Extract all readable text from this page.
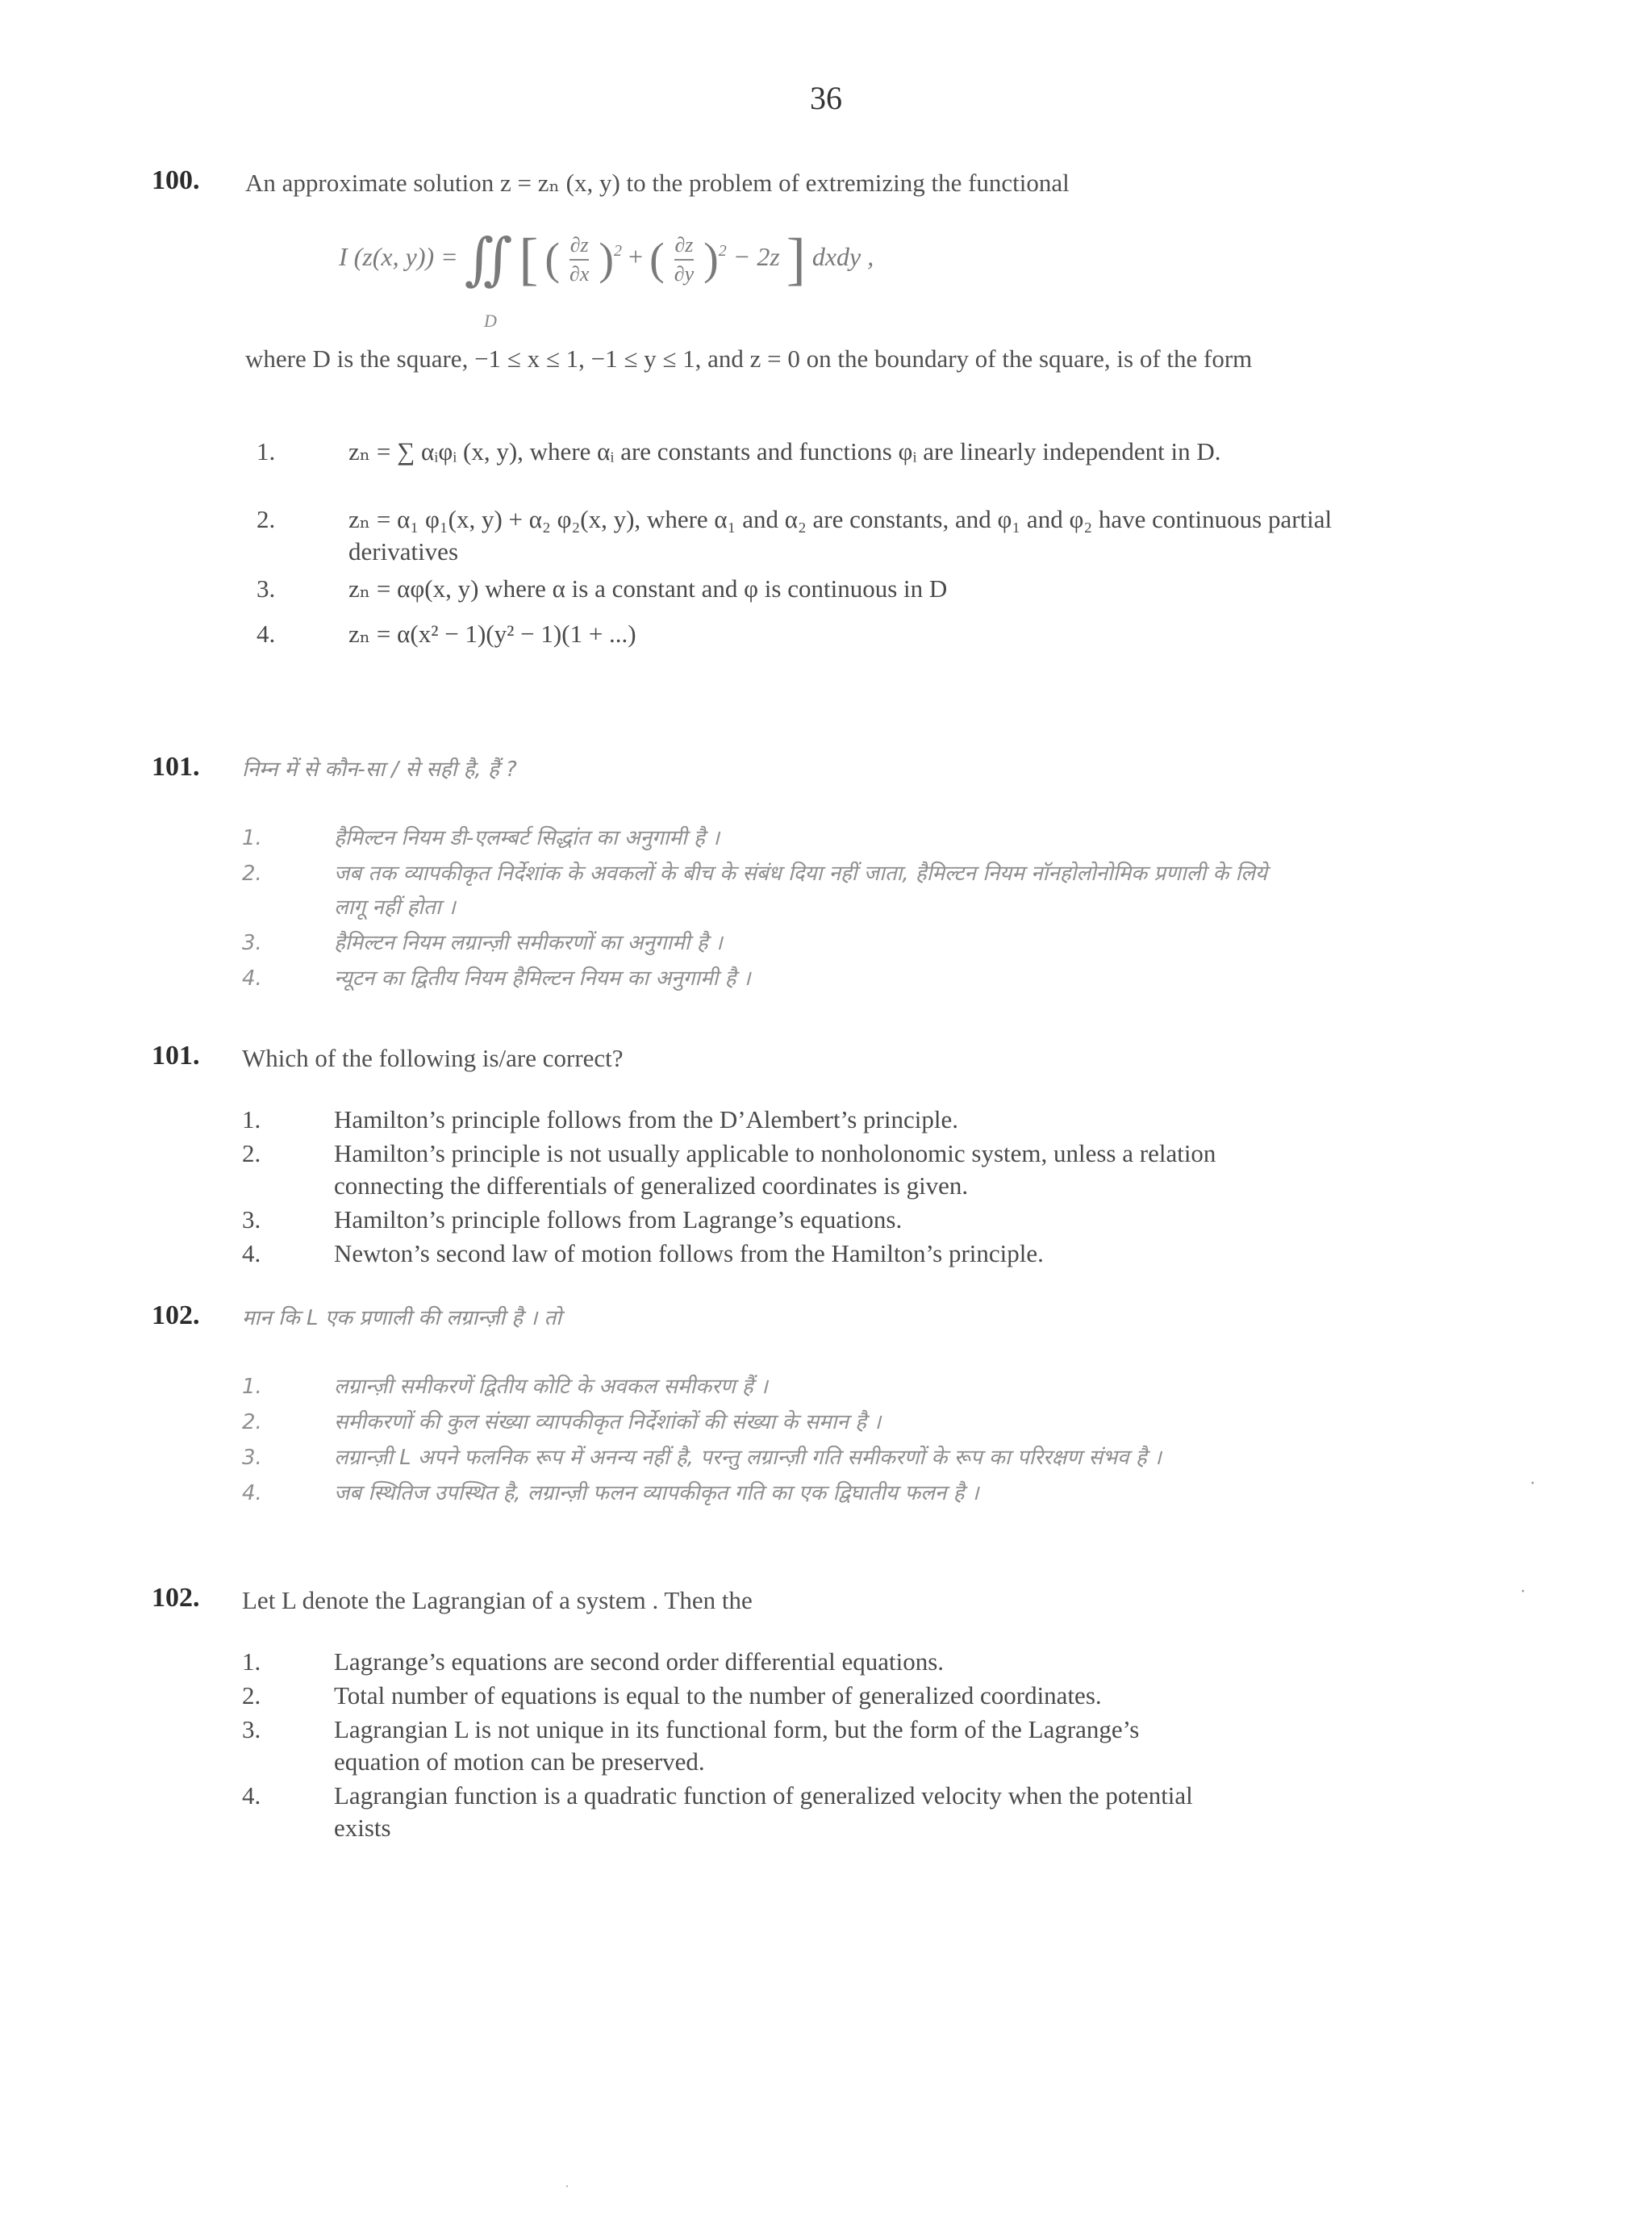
36
100. An approximate solution z = zₙ (x, y) to the problem of extremizing the functional
I (z(x, y)) = ∬ [ ( $\frac{\partial z}{\partial x} )^2$ + ( $\frac{\partial z}{\partial y} )^2 - 2z$ ] dxdy ,
D
where D is the square, −1 ≤ x ≤ 1, −1 ≤ y ≤ 1, and z = 0 on the boundary of the square, is of the form
1.	zₙ = ∑ αᵢφᵢ (x, y), where αᵢ are constants and functions φᵢ are linearly independent in D.
2.	zₙ = α₁ φ₁(x, y) + α₂ φ₂(x, y), where α₁ and α₂ are constants, and φ₁ and φ₂ have continuous partial derivatives
3.	zₙ = αφ(x, y) where α is a constant and φ is continuous in D
4.	zₙ = α(x² − 1)(y² − 1)(1 + ...)
101. निम्न में से कौन-सा / से सही है, हैं ?
1.	हैमिल्टन नियम डी-एलम्बर्ट सिद्धांत का अनुगामी है ।
2.	जब तक व्यापकीकृत निर्देशांक के अवकलों के बीच के संबंध दिया नहीं जाता, हैमिल्टन नियम नॉनहोलोनोमिक प्रणाली के लिये लागू नहीं होता ।
3.	हैमिल्टन नियम लग्रान्ज़ी समीकरणों का अनुगामी है ।
4.	न्यूटन का द्वितीय नियम हैमिल्टन नियम का अनुगामी है ।
101. Which of the following is/are correct?
1.	Hamilton’s principle follows from the D’Alembert’s principle.
2.	Hamilton’s principle is not usually applicable to nonholonomic system, unless a relation connecting the differentials of generalized coordinates is given.
3.	Hamilton’s principle follows from Lagrange’s equations.
4.	Newton’s second law of motion follows from the Hamilton’s principle.
102. मान कि L एक प्रणाली की लग्रान्ज़ी है । तो
1.	लग्रान्ज़ी समीकरणें द्वितीय कोटि के अवकल समीकरण हैं ।
2.	समीकरणों की कुल संख्या व्यापकीकृत निर्देशांकों की संख्या के समान है ।
3.	लग्रान्ज़ी L अपने फलनिक रूप में अनन्य नहीं है, परन्तु लग्रान्ज़ी गति समीकरणों के रूप का परिरक्षण संभव है ।
4.	जब स्थितिज उपस्थित है, लग्रान्ज़ी फलन व्यापकीकृत गति का एक द्विघातीय फलन है ।
102. Let L denote the Lagrangian of a system . Then the
1.	Lagrange’s equations are second order differential equations.
2.	Total number of equations is equal to the number of generalized coordinates.
3.	Lagrangian L is not unique in its functional form, but the form of the Lagrange’s equation of motion can be preserved.
4.	Lagrangian function is a quadratic function of generalized velocity when the potential exists
·
·
·
